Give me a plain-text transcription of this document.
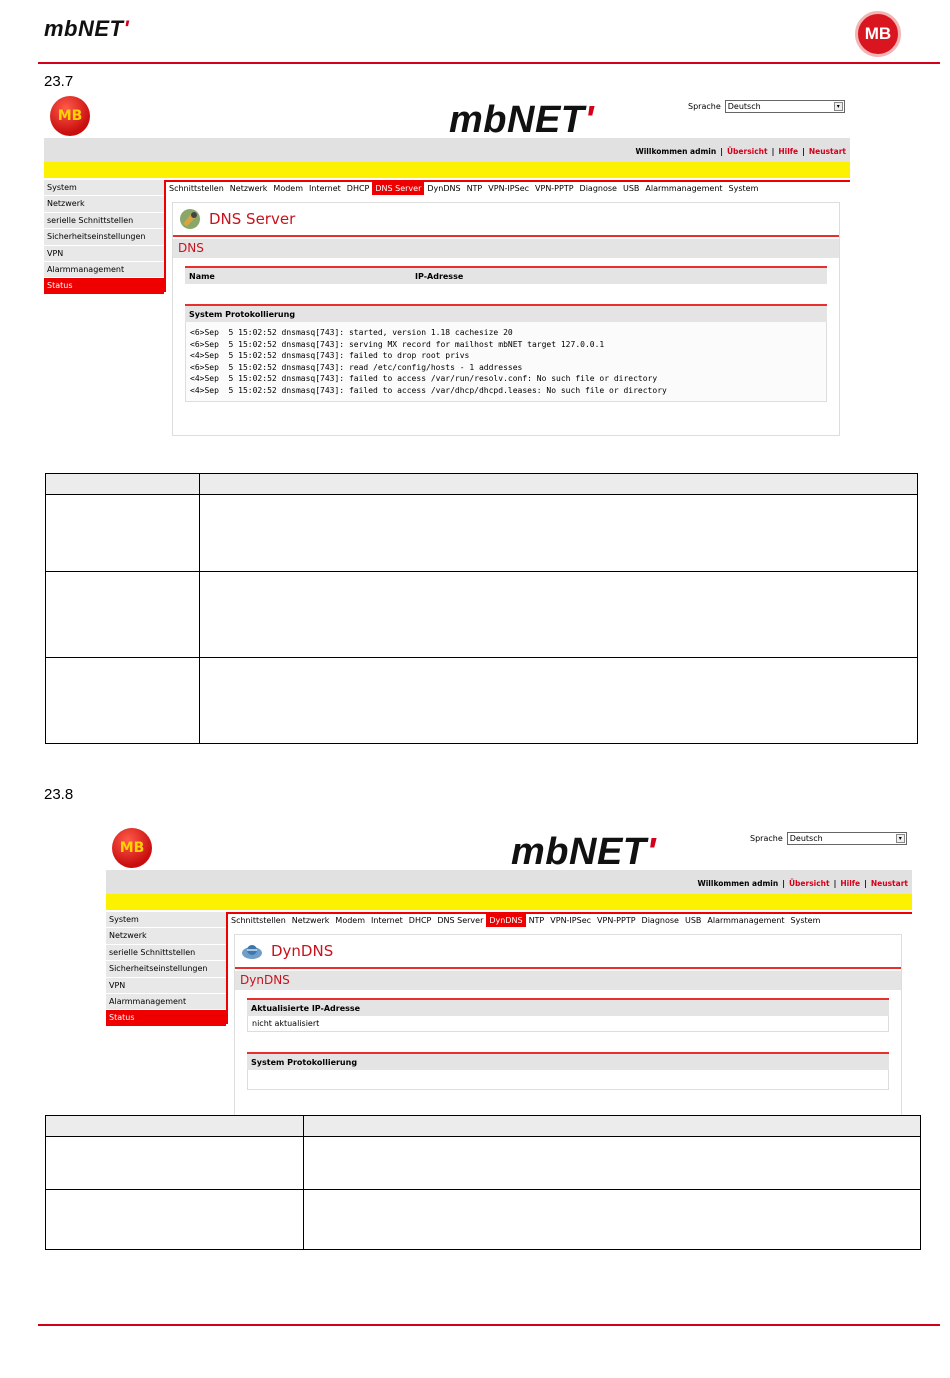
mbNET'	MB
23.7
MB	mbNET'	Sprache Deutsch	▾
Willkommen admin | Übersicht | Hilfe | Neustart
System
Netzwerk
serielle Schnittstellen
Sicherheitseinstellungen
VPN
Alarmmanagement
Status
Schnittstellen Netzwerk Modem Internet DHCP DNS Server DynDNS NTP VPN-IPSec VPN-PPTP Diagnose USB Alarmmanagement System
DNS Server
DNS
Name	IP-Adresse
System Protokollierung
<6>Sep  5 15:02:52 dnsmasq[743]: started, version 1.18 cachesize 20
<6>Sep  5 15:02:52 dnsmasq[743]: serving MX record for mailhost mbNET target 127.0.0.1
<4>Sep  5 15:02:52 dnsmasq[743]: failed to drop root privs
<6>Sep  5 15:02:52 dnsmasq[743]: read /etc/config/hosts - 1 addresses
<4>Sep  5 15:02:52 dnsmasq[743]: failed to access /var/run/resolv.conf: No such file or directory
<4>Sep  5 15:02:52 dnsmasq[743]: failed to access /var/dhcp/dhcpd.leases: No such file or directory

23.8
MB	mbNET'	Sprache Deutsch	▾
Willkommen admin | Übersicht | Hilfe | Neustart
System
Netzwerk
serielle Schnittstellen
Sicherheitseinstellungen
VPN
Alarmmanagement
Status
Schnittstellen Netzwerk Modem Internet DHCP DNS Server DynDNS NTP VPN-IPSec VPN-PPTP Diagnose USB Alarmmanagement System
DynDNS
DynDNS
Aktualisierte IP-Adresse
nicht aktualisiert
System Protokollierung
